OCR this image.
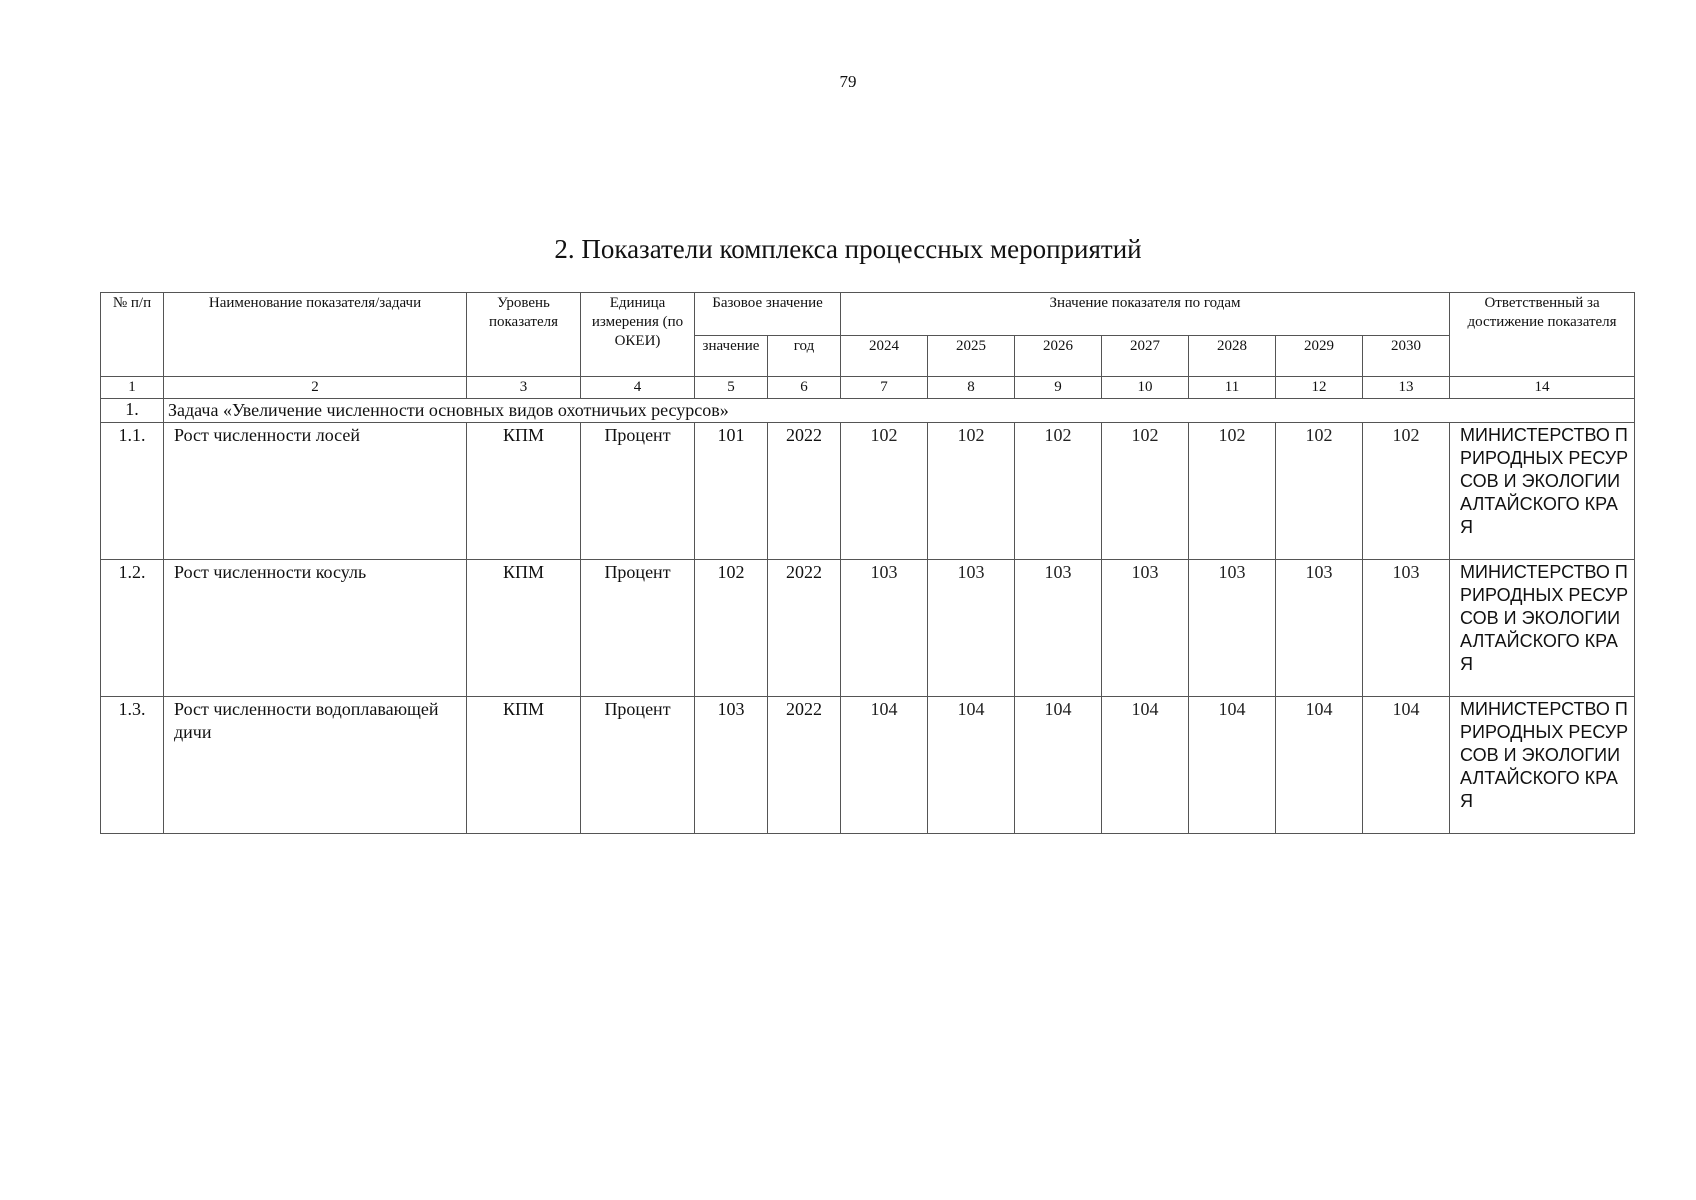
79
2. Показатели комплекса процессных мероприятий
№ п/п	Наименование показателя/задачи	Уровень показателя	Единица измерения (по ОКЕИ)	Базовое значение		Значение показателя по годам							Ответственный за достижение показателя
				значение	год	2024	2025	2026	2027	2028	2029	2030	
1	2	3	4	5	6	7	8	9	10	11	12	13	14
1.	Задача «Увеличение численности основных видов охотничьих ресурсов»												
1.1.	Рост численности лосей	КПМ	Процент	101	2022	102	102	102	102	102	102	102	МИНИСТЕРСТВО ПРИРОДНЫХ РЕСУРСОВ И ЭКОЛОГИИ АЛТАЙСКОГО КРАЯ
1.2.	Рост численности косуль	КПМ	Процент	102	2022	103	103	103	103	103	103	103	МИНИСТЕРСТВО ПРИРОДНЫХ РЕСУРСОВ И ЭКОЛОГИИ АЛТАЙСКОГО КРАЯ
1.3.	Рост численности водоплавающей дичи	КПМ	Процент	103	2022	104	104	104	104	104	104	104	МИНИСТЕРСТВО ПРИРОДНЫХ РЕСУРСОВ И ЭКОЛОГИИ АЛТАЙСКОГО КРАЯ
